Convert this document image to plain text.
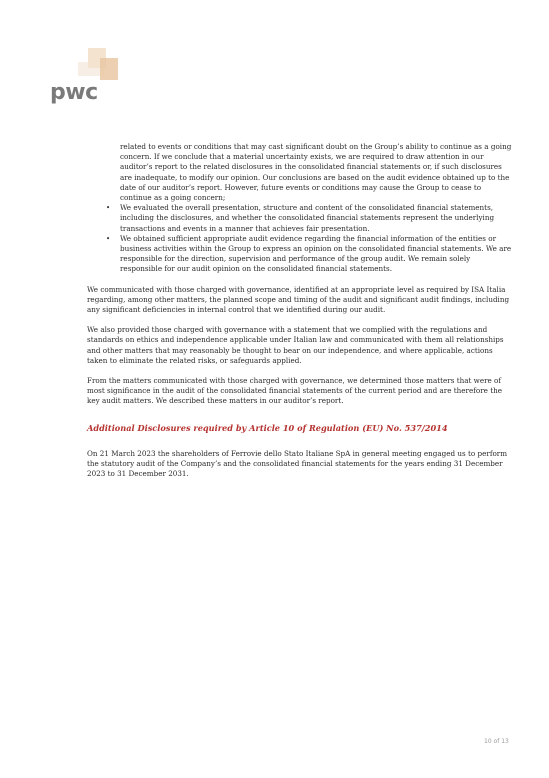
pwc

related to events or conditions that may cast significant doubt on the Group’s ability to continue as a going concern. If we conclude that a material uncertainty exists, we are required to draw attention in our auditor’s report to the related disclosures in the consolidated financial statements or, if such disclosures are inadequate, to modify our opinion. Our conclusions are based on the audit evidence obtained up to the date of our auditor’s report. However, future events or conditions may cause the Group to cease to continue as a going concern;

• We evaluated the overall presentation, structure and content of the consolidated financial statements, including the disclosures, and whether the consolidated financial statements represent the underlying transactions and events in a manner that achieves fair presentation.
• We obtained sufficient appropriate audit evidence regarding the financial information of the entities or business activities within the Group to express an opinion on the consolidated financial statements. We are responsible for the direction, supervision and performance of the group audit. We remain solely responsible for our audit opinion on the consolidated financial statements.

We communicated with those charged with governance, identified at an appropriate level as required by ISA Italia regarding, among other matters, the planned scope and timing of the audit and significant audit findings, including any significant deficiencies in internal control that we identified during our audit.

We also provided those charged with governance with a statement that we complied with the regulations and standards on ethics and independence applicable under Italian law and communicated with them all relationships and other matters that may reasonably be thought to bear on our independence, and where applicable, actions taken to eliminate the related risks, or safeguards applied.

From the matters communicated with those charged with governance, we determined those matters that were of most significance in the audit of the consolidated financial statements of the current period and are therefore the key audit matters. We described these matters in our auditor’s report.

Additional Disclosures required by Article 10 of Regulation (EU) No. 537/2014

On 21 March 2023 the shareholders of Ferrovie dello Stato Italiane SpA in general meeting engaged us to perform the statutory audit of the Company’s and the consolidated financial statements for the years ending 31 December 2023 to 31 December 2031.

10 of 13
